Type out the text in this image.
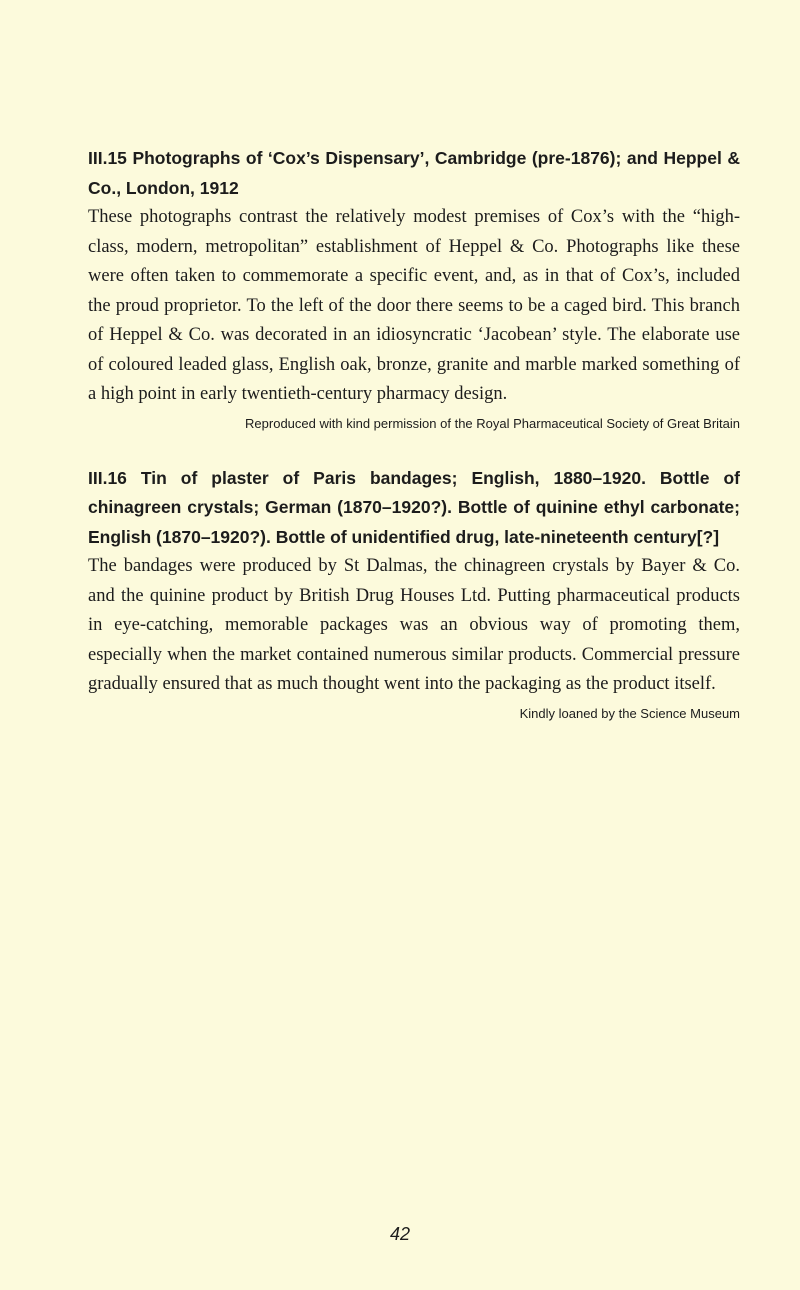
III.15 Photographs of ‘Cox’s Dispensary’, Cambridge (pre-1876); and Heppel & Co., London, 1912

These photographs contrast the relatively modest premises of Cox’s with the “high-class, modern, metropolitan” establishment of Heppel & Co. Photographs like these were often taken to commemorate a specific event, and, as in that of Cox’s, included the proud proprietor. To the left of the door there seems to be a caged bird. This branch of Heppel & Co. was decorated in an idiosyncratic ‘Jacobean’ style. The elaborate use of coloured leaded glass, English oak, bronze, granite and marble marked something of a high point in early twentieth-century pharmacy design.

Reproduced with kind permission of the Royal Pharmaceutical Society of Great Britain

III.16 Tin of plaster of Paris bandages; English, 1880–1920. Bottle of chinagreen crystals; German (1870–1920?). Bottle of quinine ethyl carbonate; English (1870–1920?). Bottle of unidentified drug, late-nineteenth century[?]

The bandages were produced by St Dalmas, the chinagreen crystals by Bayer & Co. and the quinine product by British Drug Houses Ltd. Putting pharmaceutical products in eye-catching, memorable packages was an obvious way of promoting them, especially when the market contained numerous similar products. Commercial pressure gradually ensured that as much thought went into the packaging as the product itself.

Kindly loaned by the Science Museum

42
